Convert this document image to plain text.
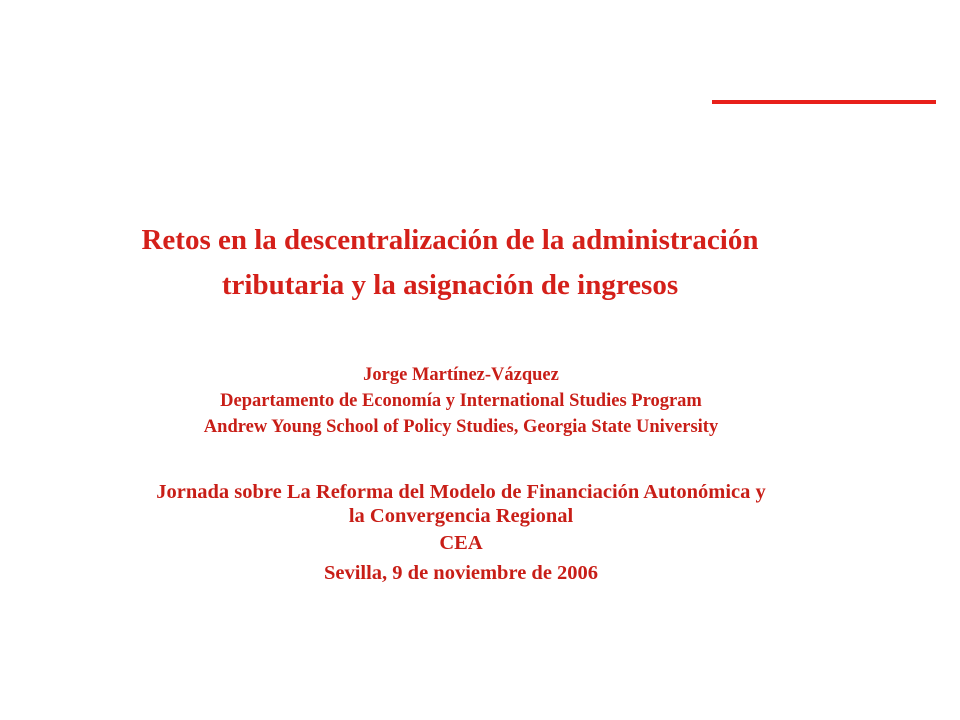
Retos en la descentralización de la administración
tributaria y la asignación de ingresos
Jorge Martínez-Vázquez
Departamento de Economía y International Studies Program
Andrew Young School of Policy Studies, Georgia State University
Jornada sobre La Reforma del Modelo de Financiación Autonómica y
la Convergencia Regional
CEA
Sevilla, 9 de noviembre de 2006
